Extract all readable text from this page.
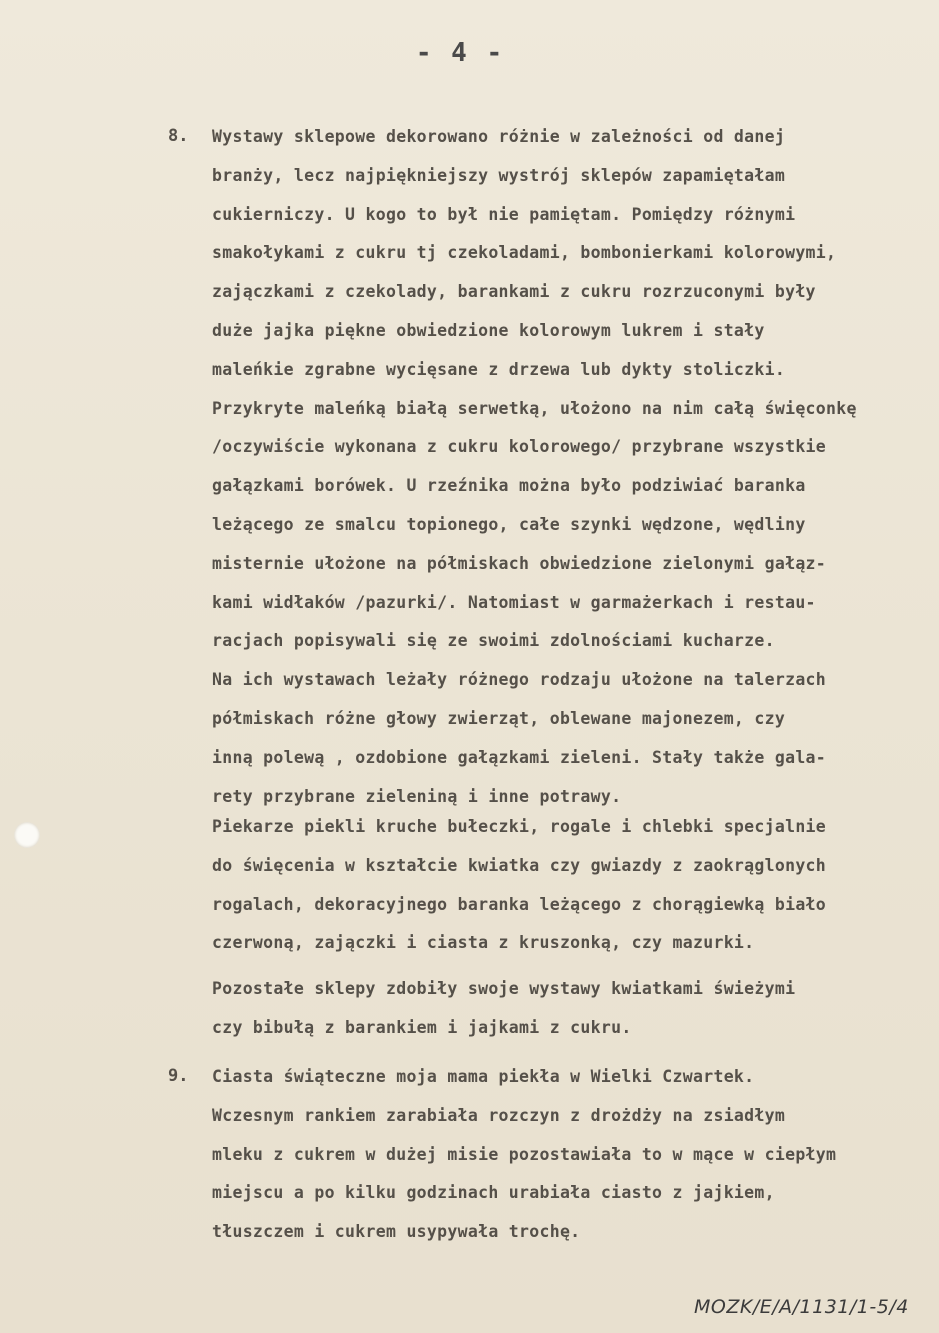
- 4 -
8. Wystawy sklepowe dekorowano różnie w zależności od danej
branży, lecz najpiękniejszy wystrój sklepów zapamiętałam
cukierniczy. U kogo to był nie pamiętam. Pomiędzy różnymi
smakołykami z cukru tj czekoladami, bombonierkami kolorowymi,
zajączkami z czekolady, barankami z cukru rozrzuconymi były
duże jajka piękne obwiedzione kolorowym lukrem i stały
maleńkie zgrabne wycięsane z drzewa lub dykty stoliczki.
Przykryte maleńką białą serwetką, ułożono na nim całą święconkę
/oczywiście wykonana z cukru kolorowego/ przybrane wszystkie
gałązkami borówek. U rzeźnika można było podziwiać baranka
leżącego ze smalcu topionego, całe szynki wędzone, wędliny
misternie ułożone na półmiskach obwiedzione zielonymi gałąz-
kami widłaków /pazurki/. Natomiast w garmażerkach i restau-
racjach popisywali się ze swoimi zdolnościami kucharze.
Na ich wystawach leżały różnego rodzaju ułożone na talerzach
półmiskach różne głowy zwierząt, oblewane majonezem, czy
inną polewą , ozdobione gałązkami zieleni. Stały także gala-
rety przybrane zieleniną i inne potrawy.
Piekarze piekli kruche bułeczki, rogale i chlebki specjalnie
do święcenia w kształcie kwiatka czy gwiazdy z zaokrąglonych
rogalach, dekoracyjnego baranka leżącego z chorągiewką biało
czerwoną, zajączki i ciasta z kruszonką, czy mazurki.
Pozostałe sklepy zdobiły swoje wystawy kwiatkami świeżymi
czy bibułą z barankiem i jajkami z cukru.
9. Ciasta świąteczne moja mama piekła w Wielki Czwartek.
Wczesnym rankiem zarabiała rozczyn z drożdży na zsiadłym
mleku z cukrem w dużej misie pozostawiała to w mące w ciepłym
miejscu a po kilku godzinach urabiała ciasto z jajkiem,
tłuszczem i cukrem usypywała trochę.
MOZK/E/A/1131/1-5/4
